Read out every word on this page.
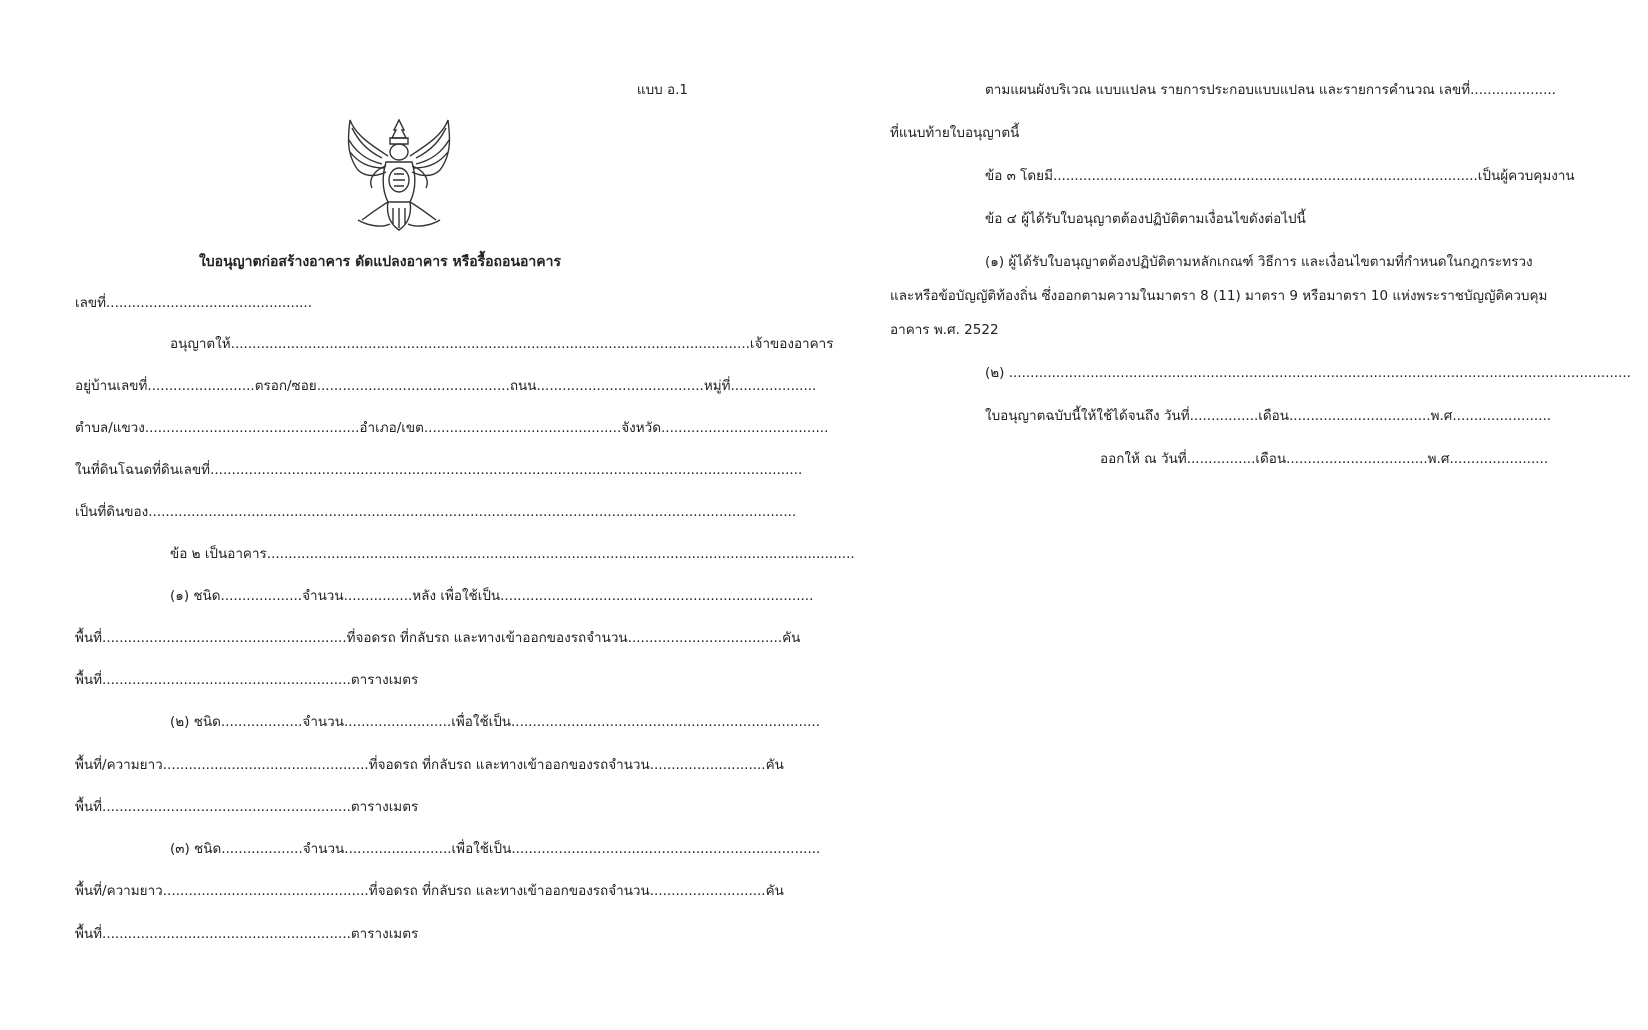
แบบ อ.1
ใบอนุญาตก่อสร้างอาคาร ดัดแปลงอาคาร หรือรื้อถอนอาคาร
เลขที่................................................
อนุญาตให้.........................................................................................................................เจ้าของอาคาร
อยู่บ้านเลขที่.........................ตรอก/ซอย.............................................ถนน.......................................หมู่ที่....................
ตำบล/แขวง..................................................อำเภอ/เขต..............................................จังหวัด.......................................
ในที่ดินโฉนดที่ดินเลขที่..........................................................................................................................................
เป็นที่ดินของ.......................................................................................................................................................
ข้อ ๒ เป็นอาคาร.........................................................................................................................................
(๑) ชนิด...................จำนวน................หลัง เพื่อใช้เป็น.........................................................................
พื้นที่.........................................................ที่จอดรถ ที่กลับรถ และทางเข้าออกของรถจำนวน....................................คัน
พื้นที่..........................................................ตารางเมตร
(๒) ชนิด...................จำนวน.........................เพื่อใช้เป็น........................................................................
พื้นที่/ความยาว................................................ที่จอดรถ ที่กลับรถ และทางเข้าออกของรถจำนวน...........................คัน
พื้นที่..........................................................ตารางเมตร
(๓) ชนิด...................จำนวน.........................เพื่อใช้เป็น........................................................................
พื้นที่/ความยาว................................................ที่จอดรถ ที่กลับรถ และทางเข้าออกของรถจำนวน...........................คัน
พื้นที่..........................................................ตารางเมตร
ตามแผนผังบริเวณ แบบแปลน รายการประกอบแบบแปลน และรายการคำนวณ เลขที่....................
ที่แนบท้ายใบอนุญาตนี้
ข้อ ๓ โดยมี...................................................................................................เป็นผู้ควบคุมงาน
ข้อ ๔ ผู้ได้รับใบอนุญาตต้องปฏิบัติตามเงื่อนไขดังต่อไปนี้
(๑) ผู้ได้รับใบอนุญาตต้องปฏิบัติตามหลักเกณฑ์ วิธีการ และเงื่อนไขตามที่กำหนดในกฎกระทรวง
และหรือข้อบัญญัติท้องถิ่น ซึ่งออกตามความในมาตรา 8 (11) มาตรา 9 หรือมาตรา 10 แห่งพระราชบัญญัติควบคุม
อาคาร พ.ศ. 2522
(๒) .................................................................................................................................................
ใบอนุญาตฉบับนี้ให้ใช้ได้จนถึง วันที่................เดือน.................................พ.ศ.......................
ออกให้ ณ วันที่................เดือน.................................พ.ศ.......................
